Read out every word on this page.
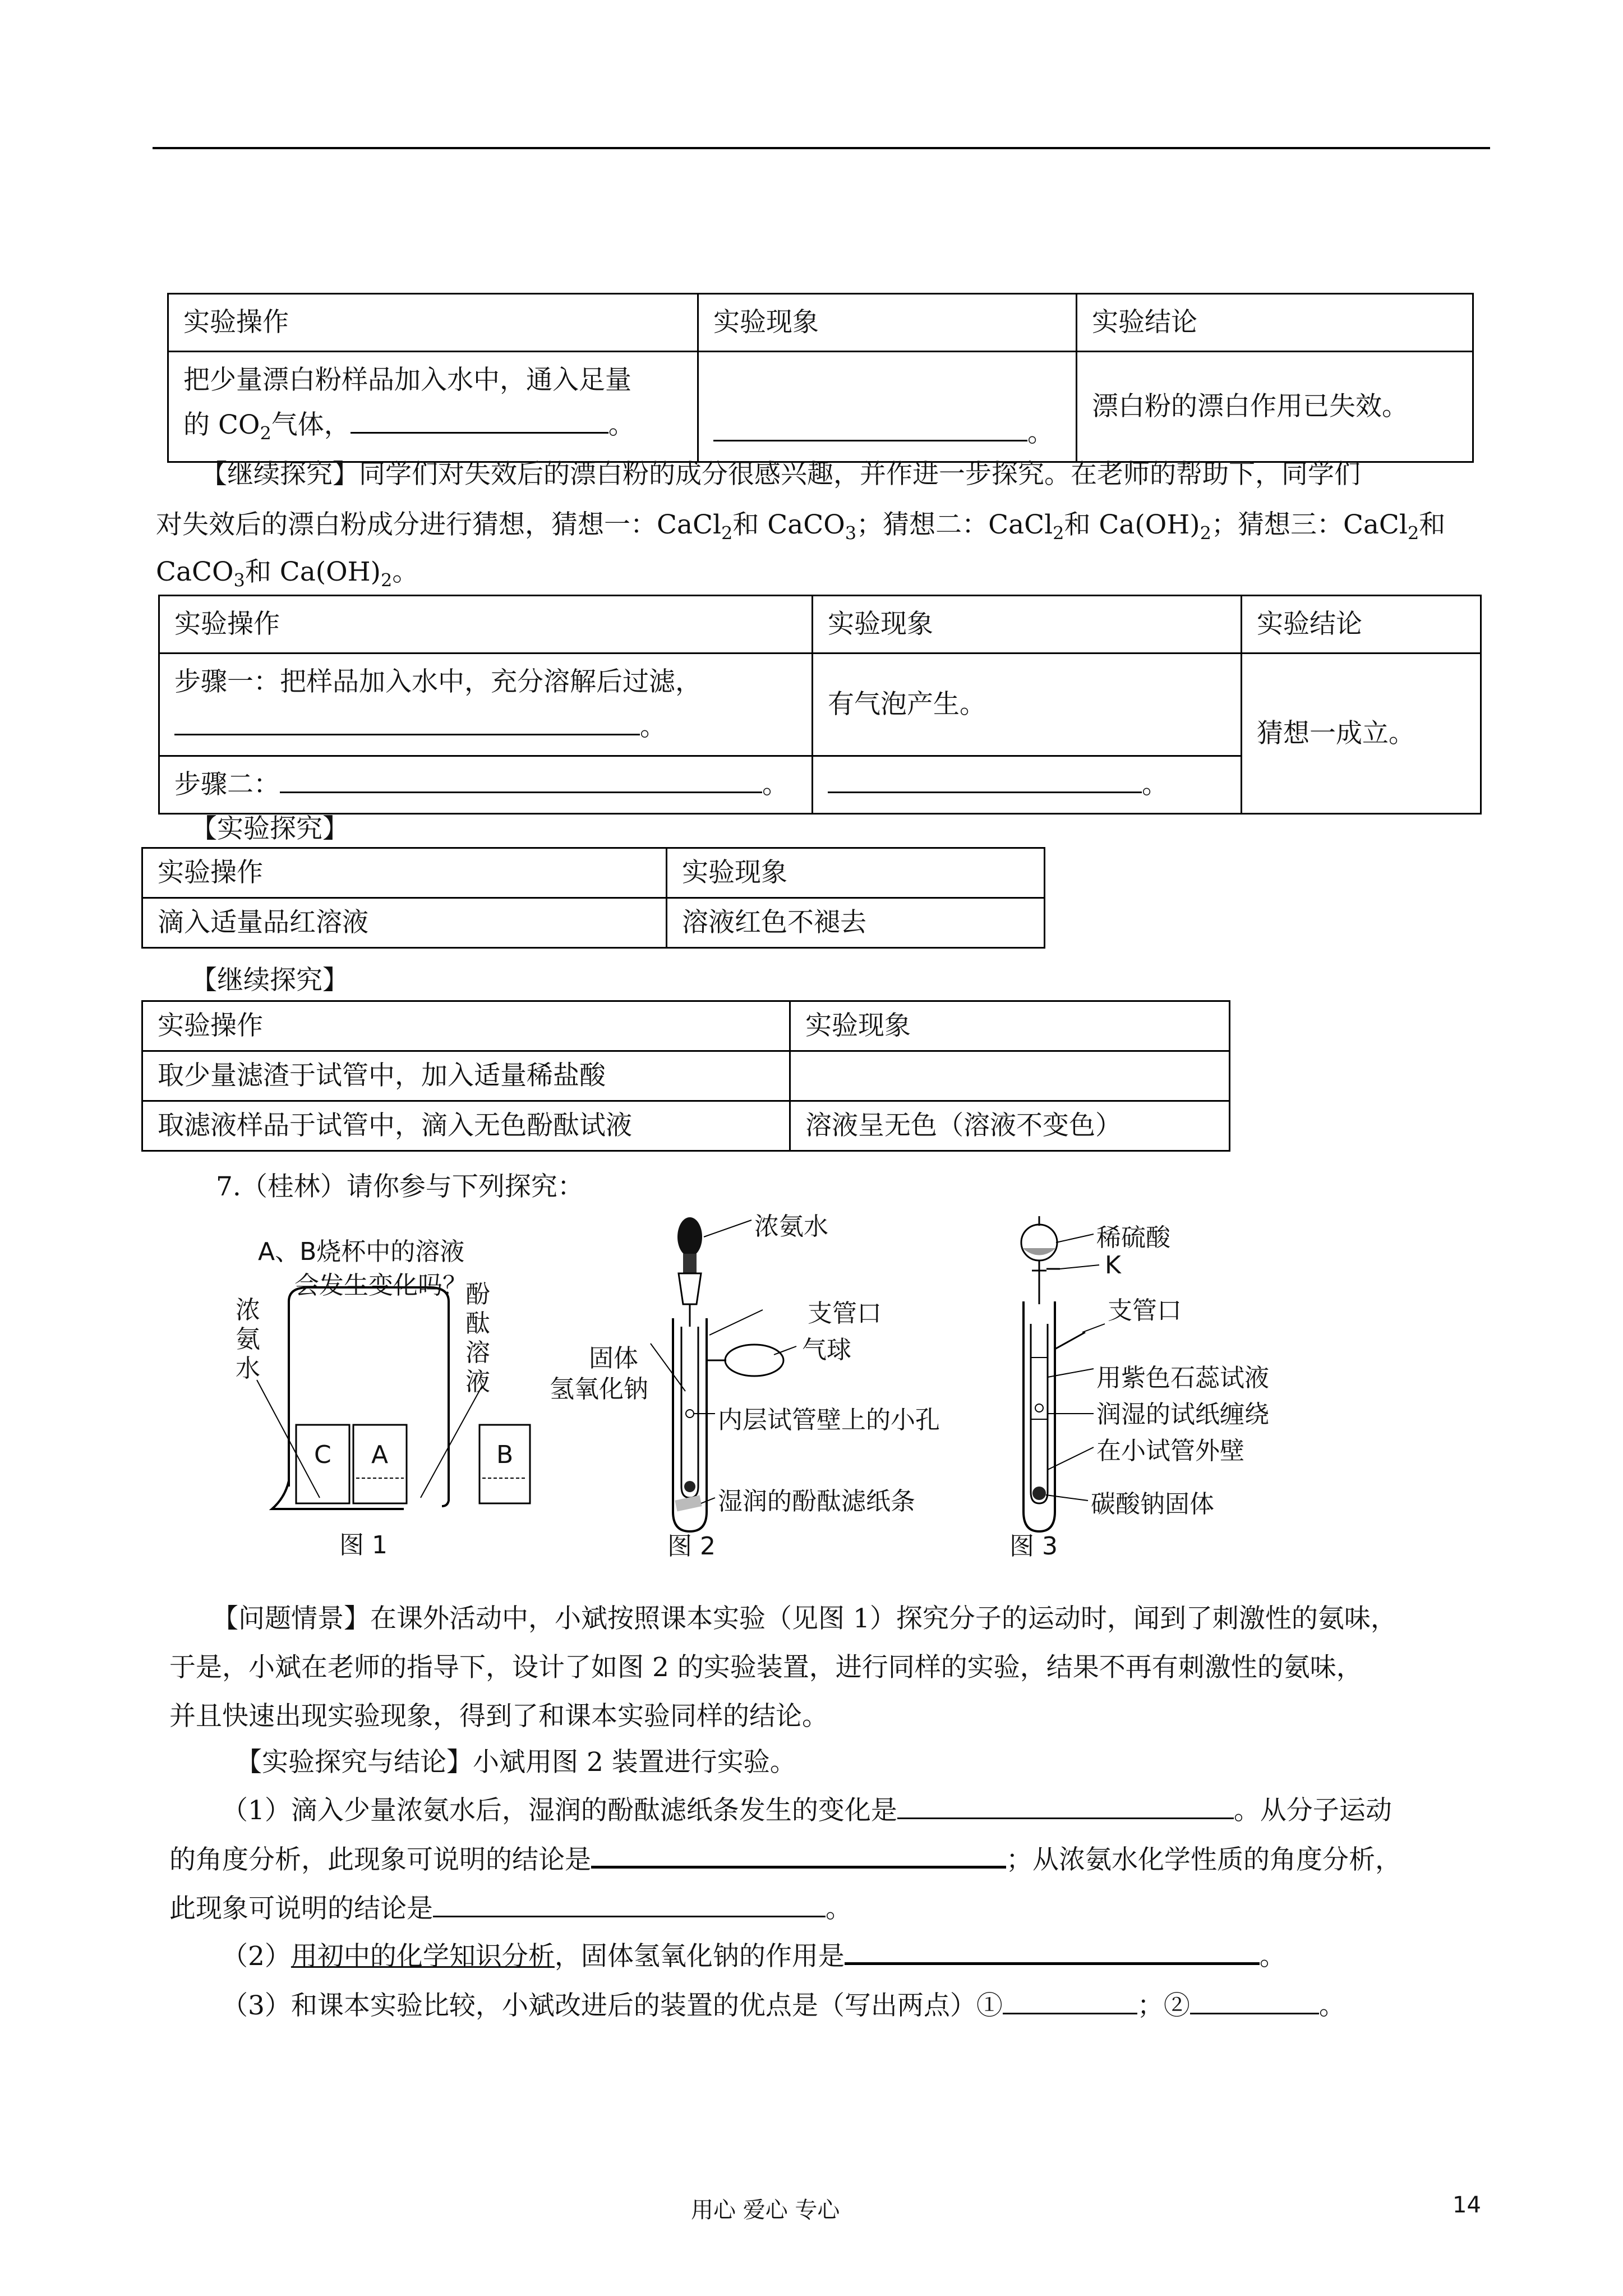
实验操作	实验现象	实验结论

把少量漂白粉样品加入水中，通入足量
的 $CO_2$气体， 。	。	漂白粉的漂白作用已失效。
【继续探究】同学们对失效后的漂白粉的成分很感兴趣，并作进一步探究。在老师的帮助下，同学们
对失效后的漂白粉成分进行猜想，猜想一：CaCl$_2$和 CaCO$_3$；猜想二：CaCl$_2$和 $Ca(OH)_2$；猜想三：CaCl$_2$和
CaCO$_3$和 $Ca(OH)_2$。
实验操作	实验现象	实验结论

步骤一：把样品加入水中，充分溶解后过滤，
。	有气泡产生。	猜想一成立。
步骤二： 。	。	
【实验探究】
实验操作	实验现象
滴入适量品红溶液	溶液红色不褪去
【继续探究】
实验操作	实验现象
取少量滤渣于试管中，加入适量稀盐酸	
取滤液样品于试管中，滴入无色酚酞试液	溶液呈无色（溶液不变色）
7.（桂林）请你参与下列探究：
A、B烧杯中的溶液
会发生变化吗？
浓
氨
水
酚
酞
溶
液
C A	B
图 1
浓氨水
支管口
气球
固体
氢氧化钠
内层试管壁上的小孔
湿润的酚酞滤纸条
图 2
稀硫酸
K
支管口
用紫色石蕊试液
润湿的试纸缠绕
在小试管外壁
碳酸钠固体
图 3
【问题情景】在课外活动中，小斌按照课本实验（见图 1）探究分子的运动时，闻到了刺激性的氨味，
于是，小斌在老师的指导下，设计了如图 2 的实验装置，进行同样的实验，结果不再有刺激性的氨味，
并且快速出现实验现象，得到了和课本实验同样的结论。
【实验探究与结论】小斌用图 2 装置进行实验。
（1）滴入少量浓氨水后，湿润的酚酞滤纸条发生的变化是	。从分子运动
的角度分析，此现象可说明的结论是	；从浓氨水化学性质的角度分析，
此现象可说明的结论是	。
（2）用初中的化学知识分析，固体氢氧化钠的作用是	。
（3）和课本实验比较，小斌改进后的装置的优点是（写出两点）①	；②	。
用心 爱心 专心	14
